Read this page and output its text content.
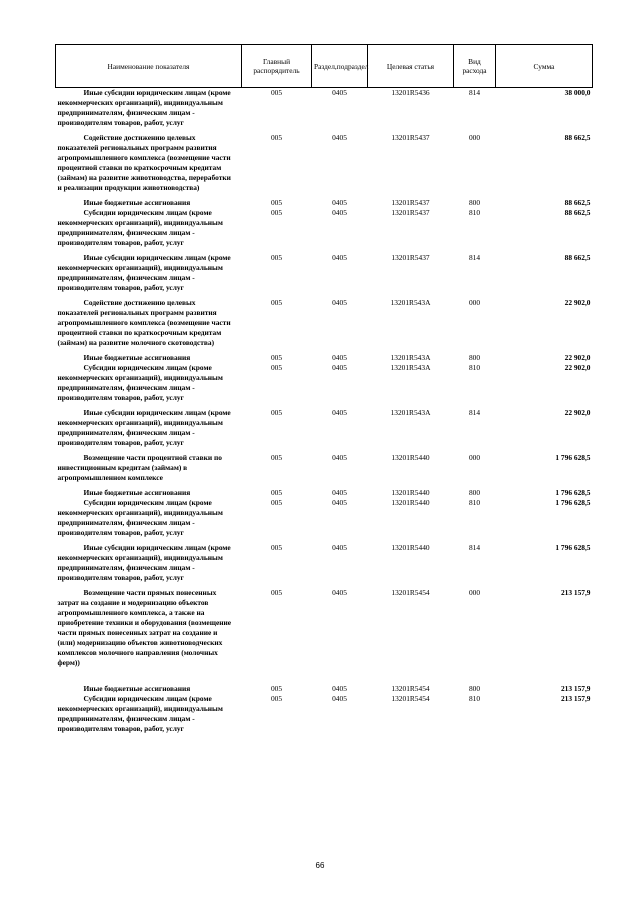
Наименование показателя	Главный распорядитель	Раздел,подраздел	Целевая статья	Вид расхода	Сумма

Иные субсидии юридическим лицам (кроме некоммерческих организаций), индивидуальным предпринимателям, физическим лицам - производителям товаров, работ, услуг	005	0405	13201R5436	814	38 000,0

Содействие достижению целевых показателей региональных программ развития агропромышленного комплекса (возмещение части процентной ставки по краткосрочным кредитам (займам) на развитие животноводства, переработки и реализации продукции животноводства)	005	0405	13201R5437	000	88 662,5

Иные бюджетные ассигнования	005	0405	13201R5437	800	88 662,5

Субсидии юридическим лицам (кроме некоммерческих организаций), индивидуальным предпринимателям, физическим лицам - производителям товаров, работ, услуг	005	0405	13201R5437	810	88 662,5

Иные субсидии юридическим лицам (кроме некоммерческих организаций), индивидуальным предпринимателям, физическим лицам - производителям товаров, работ, услуг	005	0405	13201R5437	814	88 662,5

Содействие достижению целевых показателей региональных программ развития агропромышленного комплекса (возмещение части процентной ставки по краткосрочным кредитам (займам) на развитие молочного скотоводства)	005	0405	13201R543A	000	22 902,0

Иные бюджетные ассигнования	005	0405	13201R543A	800	22 902,0

Субсидии юридическим лицам (кроме некоммерческих организаций), индивидуальным предпринимателям, физическим лицам - производителям товаров, работ, услуг	005	0405	13201R543A	810	22 902,0

Иные субсидии юридическим лицам (кроме некоммерческих организаций), индивидуальным предпринимателям, физическим лицам - производителям товаров, работ, услуг	005	0405	13201R543A	814	22 902,0

Возмещение части процентной ставки по инвестиционным кредитам (займам) в агропромышленном комплексе	005	0405	13201R5440	000	1 796 628,5

Иные бюджетные ассигнования	005	0405	13201R5440	800	1 796 628,5

Субсидии юридическим лицам (кроме некоммерческих организаций), индивидуальным предпринимателям, физическим лицам - производителям товаров, работ, услуг	005	0405	13201R5440	810	1 796 628,5

Иные субсидии юридическим лицам (кроме некоммерческих организаций), индивидуальным предпринимателям, физическим лицам - производителям товаров, работ, услуг	005	0405	13201R5440	814	1 796 628,5

Возмещение части прямых понесенных затрат на создание и модернизацию объектов агропромышленного комплекса, а также на приобретение техники и оборудования (возмещение части прямых понесенных затрат на создание и (или) модернизацию объектов животноводческих комплексов молочного направления (молочных ферм))	005	0405	13201R5454	000	213 157,9

Иные бюджетные ассигнования	005	0405	13201R5454	800	213 157,9

Субсидии юридическим лицам (кроме некоммерческих организаций), индивидуальным предпринимателям, физическим лицам - производителям товаров, работ, услуг	005	0405	13201R5454	810	213 157,9
66
